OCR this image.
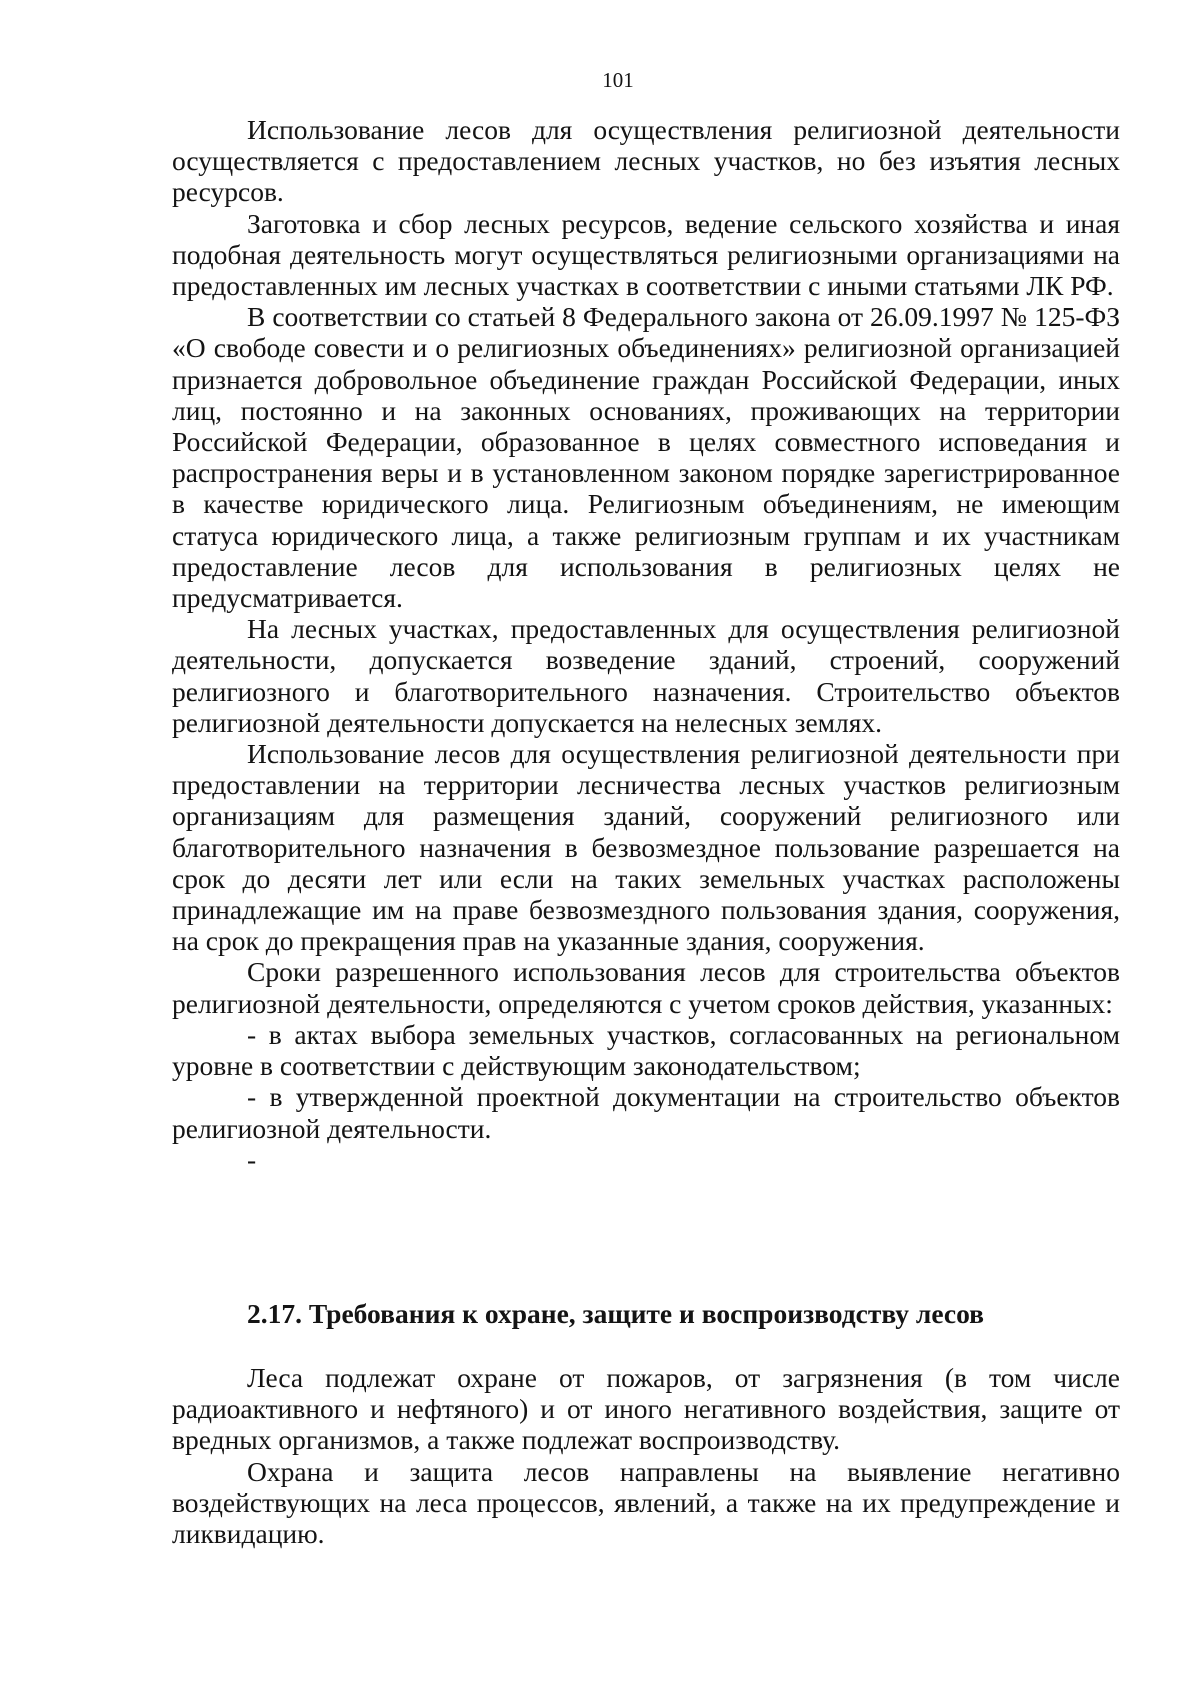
101

Использование лесов для осуществления религиозной деятельности осуществляется с предоставлением лесных участков, но без изъятия лесных ресурсов.

Заготовка и сбор лесных ресурсов, ведение сельского хозяйства и иная подобная деятельность могут осуществляться религиозными организациями на предоставленных им лесных участках в соответствии с иными статьями ЛК РФ.

В соответствии со статьей 8 Федерального закона от 26.09.1997 № 125-ФЗ «О свободе совести и о религиозных объединениях» религиозной организацией признается добровольное объединение граждан Российской Федерации, иных лиц, постоянно и на законных основаниях, проживающих на территории Российской Федерации, образованное в целях совместного исповедания и распространения веры и в установленном законом порядке зарегистрированное в качестве юридического лица. Религиозным объединениям, не имеющим статуса юридического лица, а также религиозным группам и их участникам предоставление лесов для использования в религиозных целях не предусматривается.

На лесных участках, предоставленных для осуществления религиозной деятельности, допускается возведение зданий, строений, сооружений религиозного и благотворительного назначения. Строительство объектов религиозной деятельности допускается на нелесных землях.

Использование лесов для осуществления религиозной деятельности при предоставлении на территории лесничества лесных участков религиозным организациям для размещения зданий, сооружений религиозного или благотворительного назначения в безвозмездное пользование разрешается на срок до десяти лет или если на таких земельных участках расположены принадлежащие им на праве безвозмездного пользования здания, сооружения, на срок до прекращения прав на указанные здания, сооружения.

Сроки разрешенного использования лесов для строительства объектов религиозной деятельности, определяются с учетом сроков действия, указанных:

- в актах выбора земельных участков, согласованных на региональном уровне в соответствии с действующим законодательством;

- в утвержденной проектной документации на строительство объектов религиозной деятельности.

-

2.17. Требования к охране, защите и воспроизводству лесов

Леса подлежат охране от пожаров, от загрязнения (в том числе радиоактивного и нефтяного) и от иного негативного воздействия, защите от вредных организмов, а также подлежат воспроизводству.

Охрана и защита лесов направлены на выявление негативно воздействующих на леса процессов, явлений, а также на их предупреждение и ликвидацию.
